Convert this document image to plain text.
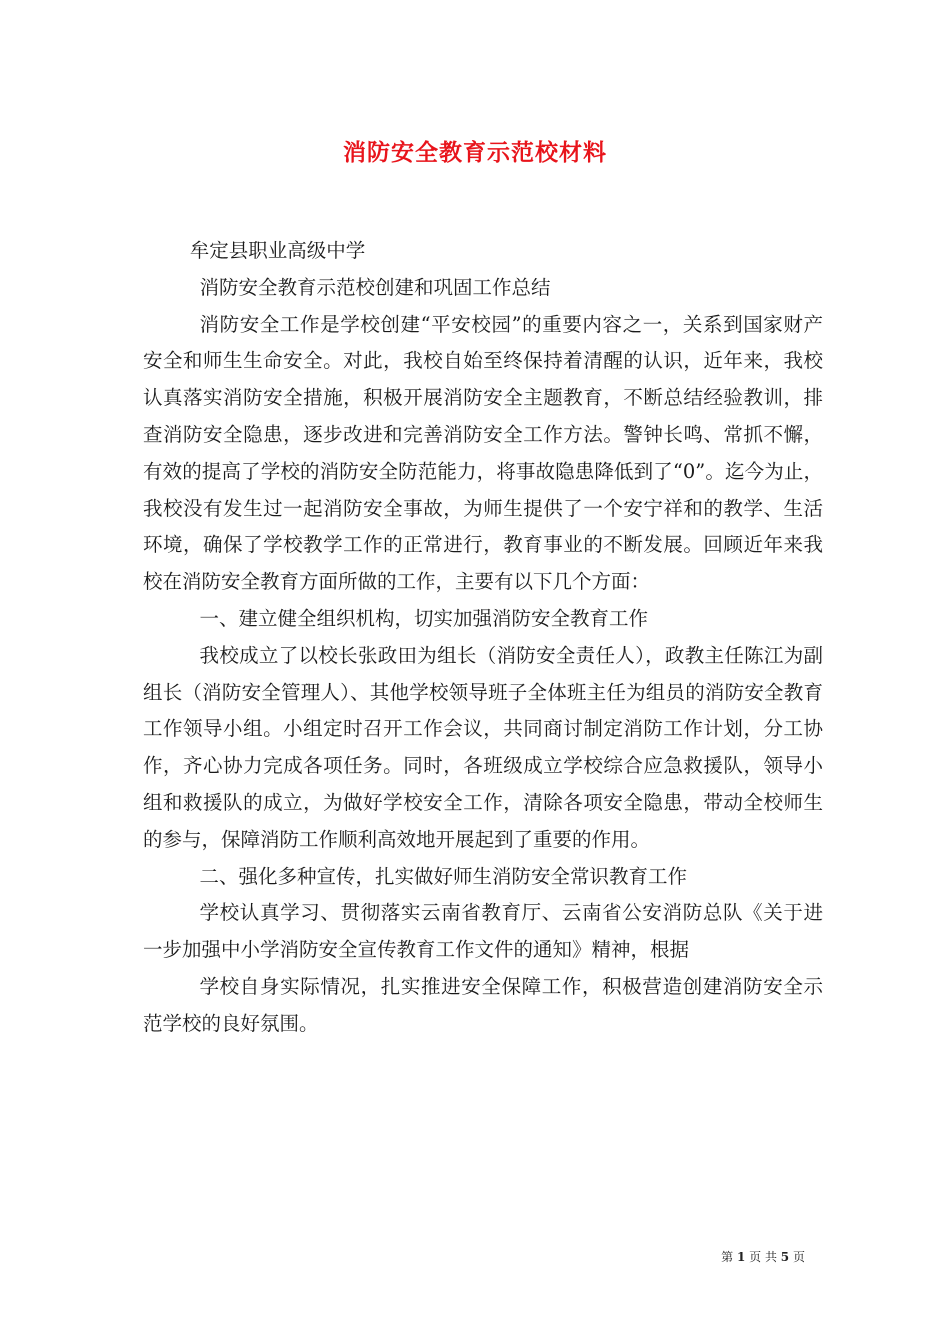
消防安全教育示范校材料

牟定县职业高级中学

消防安全教育示范校创建和巩固工作总结

消防安全工作是学校创建“平安校园”的重要内容之一，关系到国家财产安全和师生生命安全。对此，我校自始至终保持着清醒的认识，近年来，我校认真落实消防安全措施，积极开展消防安全主题教育，不断总结经验教训，排查消防安全隐患，逐步改进和完善消防安全工作方法。警钟长鸣、常抓不懈，有效的提高了学校的消防安全防范能力，将事故隐患降低到了“0”。迄今为止，我校没有发生过一起消防安全事故，为师生提供了一个安宁祥和的教学、生活环境，确保了学校教学工作的正常进行，教育事业的不断发展。回顾近年来我校在消防安全教育方面所做的工作，主要有以下几个方面：

一、建立健全组织机构，切实加强消防安全教育工作

我校成立了以校长张政田为组长（消防安全责任人），政教主任陈江为副组长（消防安全管理人）、其他学校领导班子全体班主任为组员的消防安全教育工作领导小组。小组定时召开工作会议，共同商讨制定消防工作计划，分工协作，齐心协力完成各项任务。同时，各班级成立学校综合应急救援队，领导小组和救援队的成立，为做好学校安全工作，清除各项安全隐患，带动全校师生的参与，保障消防工作顺利高效地开展起到了重要的作用。

二、强化多种宣传，扎实做好师生消防安全常识教育工作

学校认真学习、贯彻落实云南省教育厅、云南省公安消防总队《关于进一步加强中小学消防安全宣传教育工作文件的通知》精神，根据

学校自身实际情况，扎实推进安全保障工作，积极营造创建消防安全示范学校的良好氛围。

第 1 页 共 5 页
